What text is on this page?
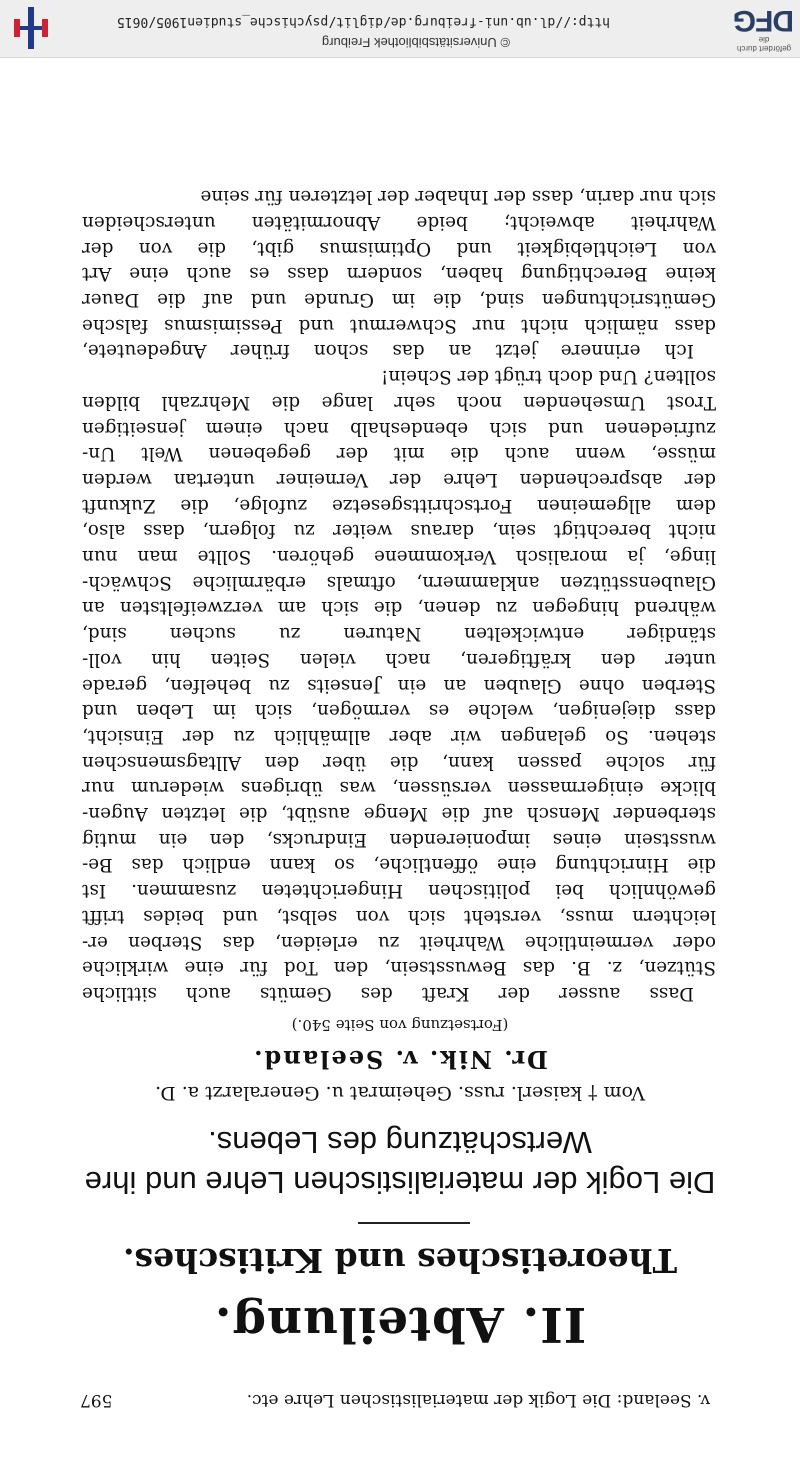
© Universitätsbibliothek Freiburg
http://dl.ub.uni-freiburg.de/diglit/psychische_studien1905/0615
gefördert durch die
DFG
v. Seeland: Die Logik der materialistischen Lehre etc.
597
II. Abteilung.
Theoretisches und Kritisches.
Die Logik der materialistischen Lehre und ihre
Wertschätzung des Lebens.
Vom † kaiserl. russ. Geheimrat u. Generalarzt a. D.
Dr. Nik. v. Seeland.
(Fortsetzung von Seite 540.)

Dass ausser der Kraft des Gemüts auch sittliche

Stützen, z. B. das Bewusstsein, den Tod für eine wirkliche

oder vermeintliche Wahrheit zu erleiden, das Sterben er-

leichtern muss, versteht sich von selbst, und beides trifft

gewöhnlich bei politischen Hingerichteten zusammen. Ist

die Hinrichtung eine öffentliche, so kann endlich das Be-

wusstsein eines imponierenden Eindrucks, den ein mutig

sterbender Mensch auf die Menge ausübt, die letzten Augen-

blicke einigermassen versüssen, was übrigens wiederum nur

für solche passen kann, die über den Alltagsmenschen

stehen. So gelangen wir aber allmählich zu der Einsicht,

dass diejenigen, welche es vermögen, sich im Leben und

Sterben ohne Glauben an ein Jenseits zu behelfen, gerade

unter den kräftigeren, nach vielen Seiten hin voll-

ständiger entwickelten Naturen zu suchen sind,

während hingegen zu denen, die sich am verzweifeltsten an

Glaubensstützen anklammern, oftmals erbärmliche Schwäch-

linge, ja moralisch Verkommene gehören. Sollte man nun

nicht berechtigt sein, daraus weiter zu folgern, dass also,

dem allgemeinen Fortschrittsgesetze zufolge, die Zukunft

der absprechenden Lehre der Verneiner untertan werden

müsse, wenn auch die mit der gegebenen Welt Un-

zufriedenen und sich ebendeshalb nach einem jenseitigen

Trost Umsehenden noch sehr lange die Mehrzahl bilden

sollten? Und doch trügt der Schein!

Ich erinnere jetzt an das schon früher Angedeutete,

dass nämlich nicht nur Schwermut und Pessimismus falsche

Gemütsrichtungen sind, die im Grunde und auf die Dauer

keine Berechtigung haben, sondern dass es auch eine Art

von Leichtlebigkeit und Optimismus gibt, die von der

Wahrheit abweicht; beide Abnormitäten unterscheiden

sich nur darin, dass der Inhaber der letzteren für seine
